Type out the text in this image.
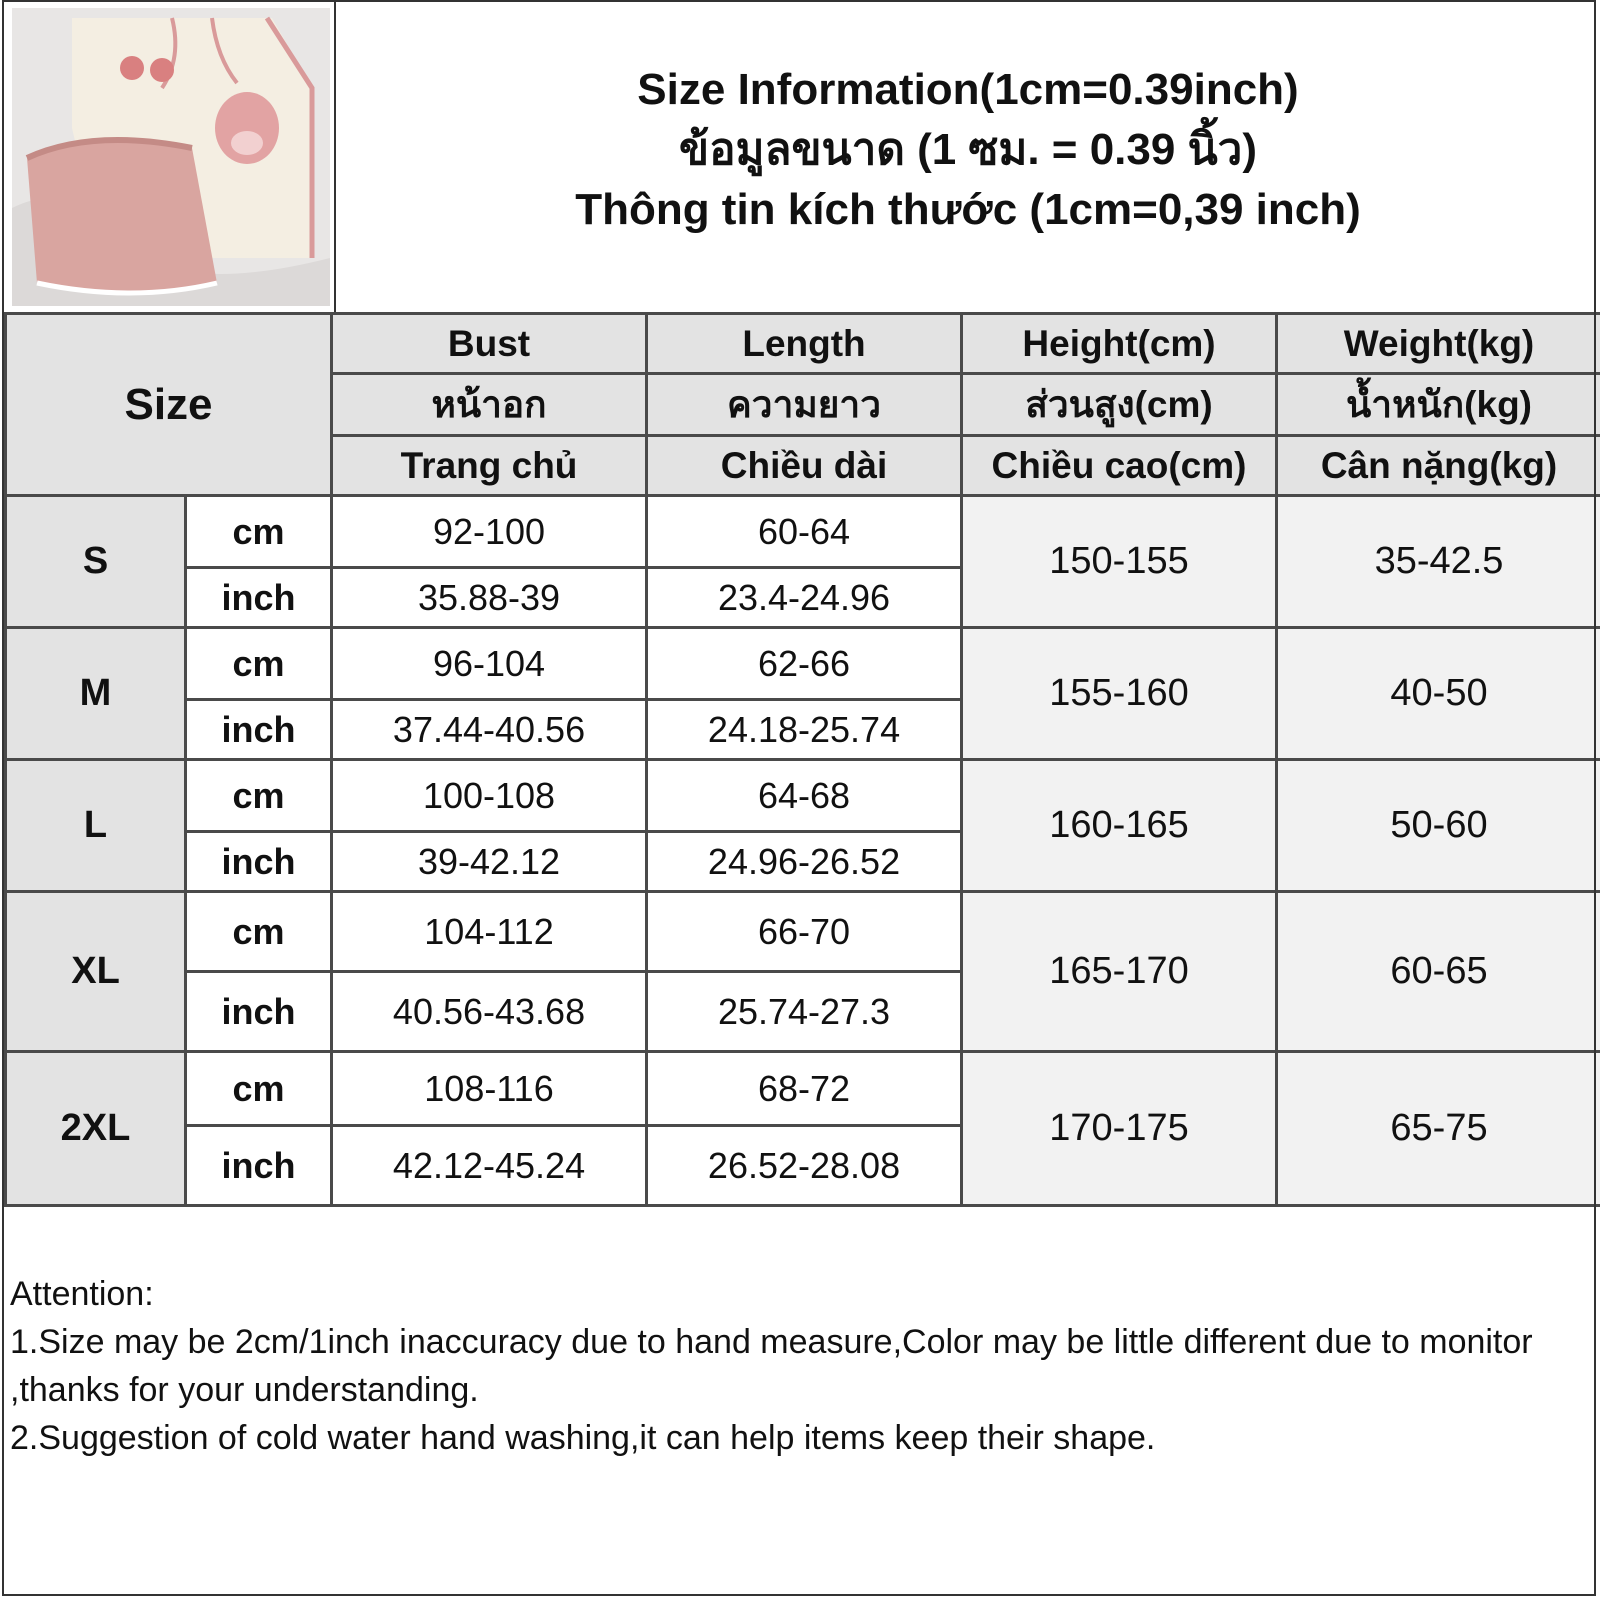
Size Information(1cm=0.39inch)
ข้อมูลขนาด (1 ซม. = 0.39 นิ้ว)
Thông tin kích thước (1cm=0,39 inch)
Size		Bust	Length	Height(cm)	Weight(kg)
		หน้าอก	ความยาว	ส่วนสูง(cm)	น้ำหนัก(kg)
		Trang chủ	Chiều dài	Chiều cao(cm)	Cân nặng(kg)
S	cm	92-100	60-64	150-155	35-42.5
	inch	35.88-39	23.4-24.96		
M	cm	96-104	62-66	155-160	40-50
	inch	37.44-40.56	24.18-25.74		
L	cm	100-108	64-68	160-165	50-60
	inch	39-42.12	24.96-26.52		
XL	cm	104-112	66-70	165-170	60-65
	inch	40.56-43.68	25.74-27.3		
2XL	cm	108-116	68-72	170-175	65-75
	inch	42.12-45.24	26.52-28.08		

Attention:

1.Size may be 2cm/1inch inaccuracy due to hand measure,Color may be little different due to monitor ,thanks for your understanding.

2.Suggestion of cold water hand washing,it can help items keep their shape.
